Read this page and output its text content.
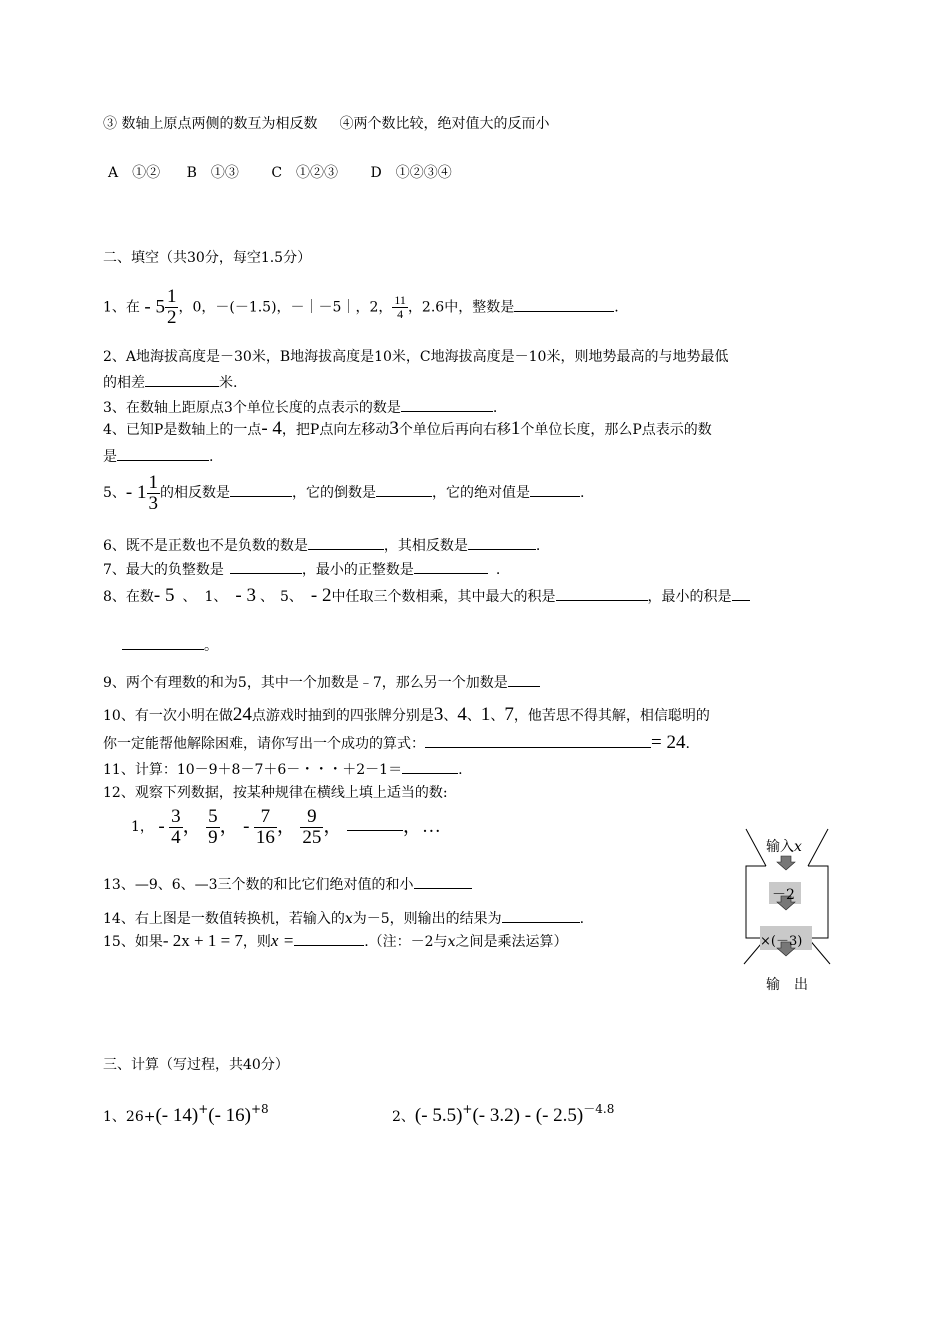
③ 数轴上原点两侧的数互为相反数 ④两个数比较，绝对值大的反而小
A　①② B　①③ C　①②③ D　①②③④
二、填空（共30分，每空1.5分）
1、在 - $5 \frac{1}{2}$ ，0，－(－1.5)，－｜－5｜，2， $\frac{11}{4}$ ，2.6中，整数是	.
2、A地海拔高度是－30米，B地海拔高度是10米，C地海拔高度是－10米，则地势最高的与地势最低
的相差	米.
3、在数轴上距原点3个单位长度的点表示的数是	.
4、已知P是数轴上的一点- 4，把P点向左移动3个单位后再向右移1个单位长度，那么P点表示的数
是	.
5、- $1 \frac{1}{3}$ 的相反数是	，它的倒数是	，它的绝对值是	.
6、既不是正数也不是负数的数是	，其相反数是	.
7、最大的负整数是	，最小的正整数是	.
8、在数- 5 、 1、 - 3 、 5、 - 2中任取三个数相乘，其中最大的积是	，最小的积是
。
9、两个有理数的和为5，其中一个加数是﹣7，那么另一个加数是
10、有一次小明在做24点游戏时抽到的四张牌分别是3、4、1、7，他苦思不得其解，相信聪明的
你一定能帮他解除困难，请你写出一个成功的算式：	= 24.
11、计算：10－9＋8－7＋6－・・・＋2－1＝	.
12、观察下列数据，按某种规律在横线上填上适当的数:
1， - $\frac{3}{4}$ ， $\frac{5}{9}$ ， - $\frac{7}{16}$ ， $\frac{9}{25}$ ，	，…
13、—9、6、—3三个数的和比它们绝对值的和小
14、右上图是一数值转换机，若输入的x为－5，则输出的结果为	.
15、如果- 2x + 1 = 7，则x =	.（注：－2与x之间是乘法运算）
输入x
－2
×(－3)
输　出
三、计算（写过程，共40分）
1、26+(- 14)+(- 16)+8	2、(- 5.5)+(- 3.2) - (- 2.5)－4.8
